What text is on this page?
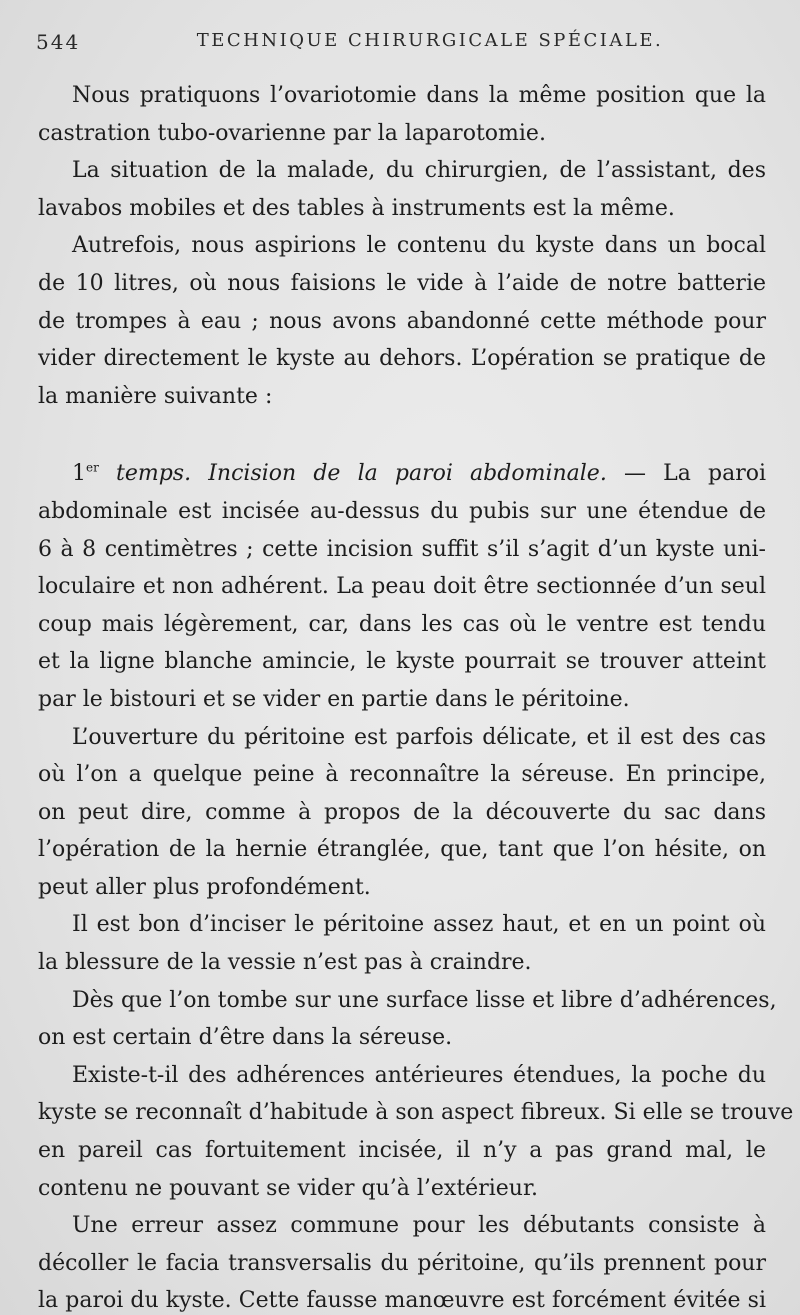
544	TECHNIQUE CHIRURGICALE SPÉCIALE.
Nous pratiquons l’ovariotomie dans la même position que la
castration tubo-ovarienne par la laparotomie.
La situation de la malade, du chirurgien, de l’assistant, des
lavabos mobiles et des tables à instruments est la même.
Autrefois, nous aspirions le contenu du kyste dans un bocal
de 10 litres, où nous faisions le vide à l’aide de notre batterie
de trompes à eau ; nous avons abandonné cette méthode pour
vider directement le kyste au dehors. L’opération se pratique de
la manière suivante :
1er temps. Incision de la paroi abdominale. — La paroi
abdominale est incisée au-dessus du pubis sur une étendue de
6 à 8 centimètres ; cette incision suffit s’il s’agit d’un kyste uni-
loculaire et non adhérent. La peau doit être sectionnée d’un seul
coup mais légèrement, car, dans les cas où le ventre est tendu
et la ligne blanche amincie, le kyste pourrait se trouver atteint
par le bistouri et se vider en partie dans le péritoine.
L’ouverture du péritoine est parfois délicate, et il est des cas
où l’on a quelque peine à reconnaître la séreuse. En principe,
on peut dire, comme à propos de la découverte du sac dans
l’opération de la hernie étranglée, que, tant que l’on hésite, on
peut aller plus profondément.
Il est bon d’inciser le péritoine assez haut, et en un point où
la blessure de la vessie n’est pas à craindre.
Dès que l’on tombe sur une surface lisse et libre d’adhérences,
on est certain d’être dans la séreuse.
Existe-t-il des adhérences antérieures étendues, la poche du
kyste se reconnaît d’habitude à son aspect fibreux. Si elle se trouve
en pareil cas fortuitement incisée, il n’y a pas grand mal, le
contenu ne pouvant se vider qu’à l’extérieur.
Une erreur assez commune pour les débutants consiste à
décoller le facia transversalis du péritoine, qu’ils prennent pour
la paroi du kyste. Cette fausse manœuvre est forcément évitée si
